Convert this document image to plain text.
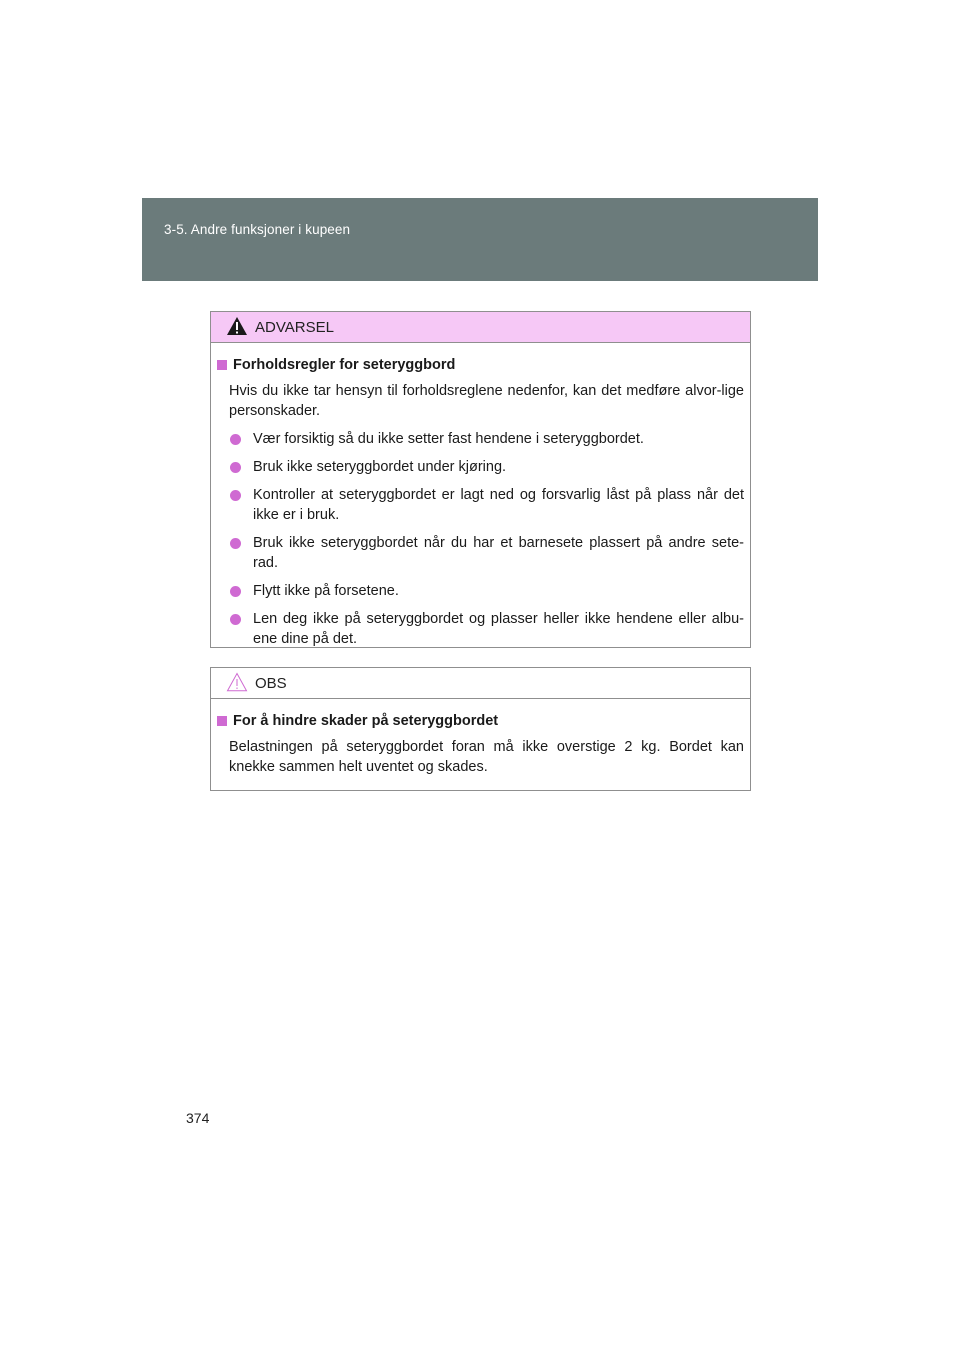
3-5. Andre funksjoner i kupeen
ADVARSEL
Forholdsregler for seteryggbord
Hvis du ikke tar hensyn til forholdsreglene nedenfor, kan det medføre alvor-lige personskader.
Vær forsiktig så du ikke setter fast hendene i seteryggbordet.
Bruk ikke seteryggbordet under kjøring.
Kontroller at seteryggbordet er lagt ned og forsvarlig låst på plass når det ikke er i bruk.
Bruk ikke seteryggbordet når du har et barnesete plassert på andre sete-rad.
Flytt ikke på forsetene.
Len deg ikke på seteryggbordet og plasser heller ikke hendene eller albu-ene dine på det.
OBS
For å hindre skader på seteryggbordet
Belastningen på seteryggbordet foran må ikke overstige 2 kg. Bordet kan knekke sammen helt uventet og skades.
374
